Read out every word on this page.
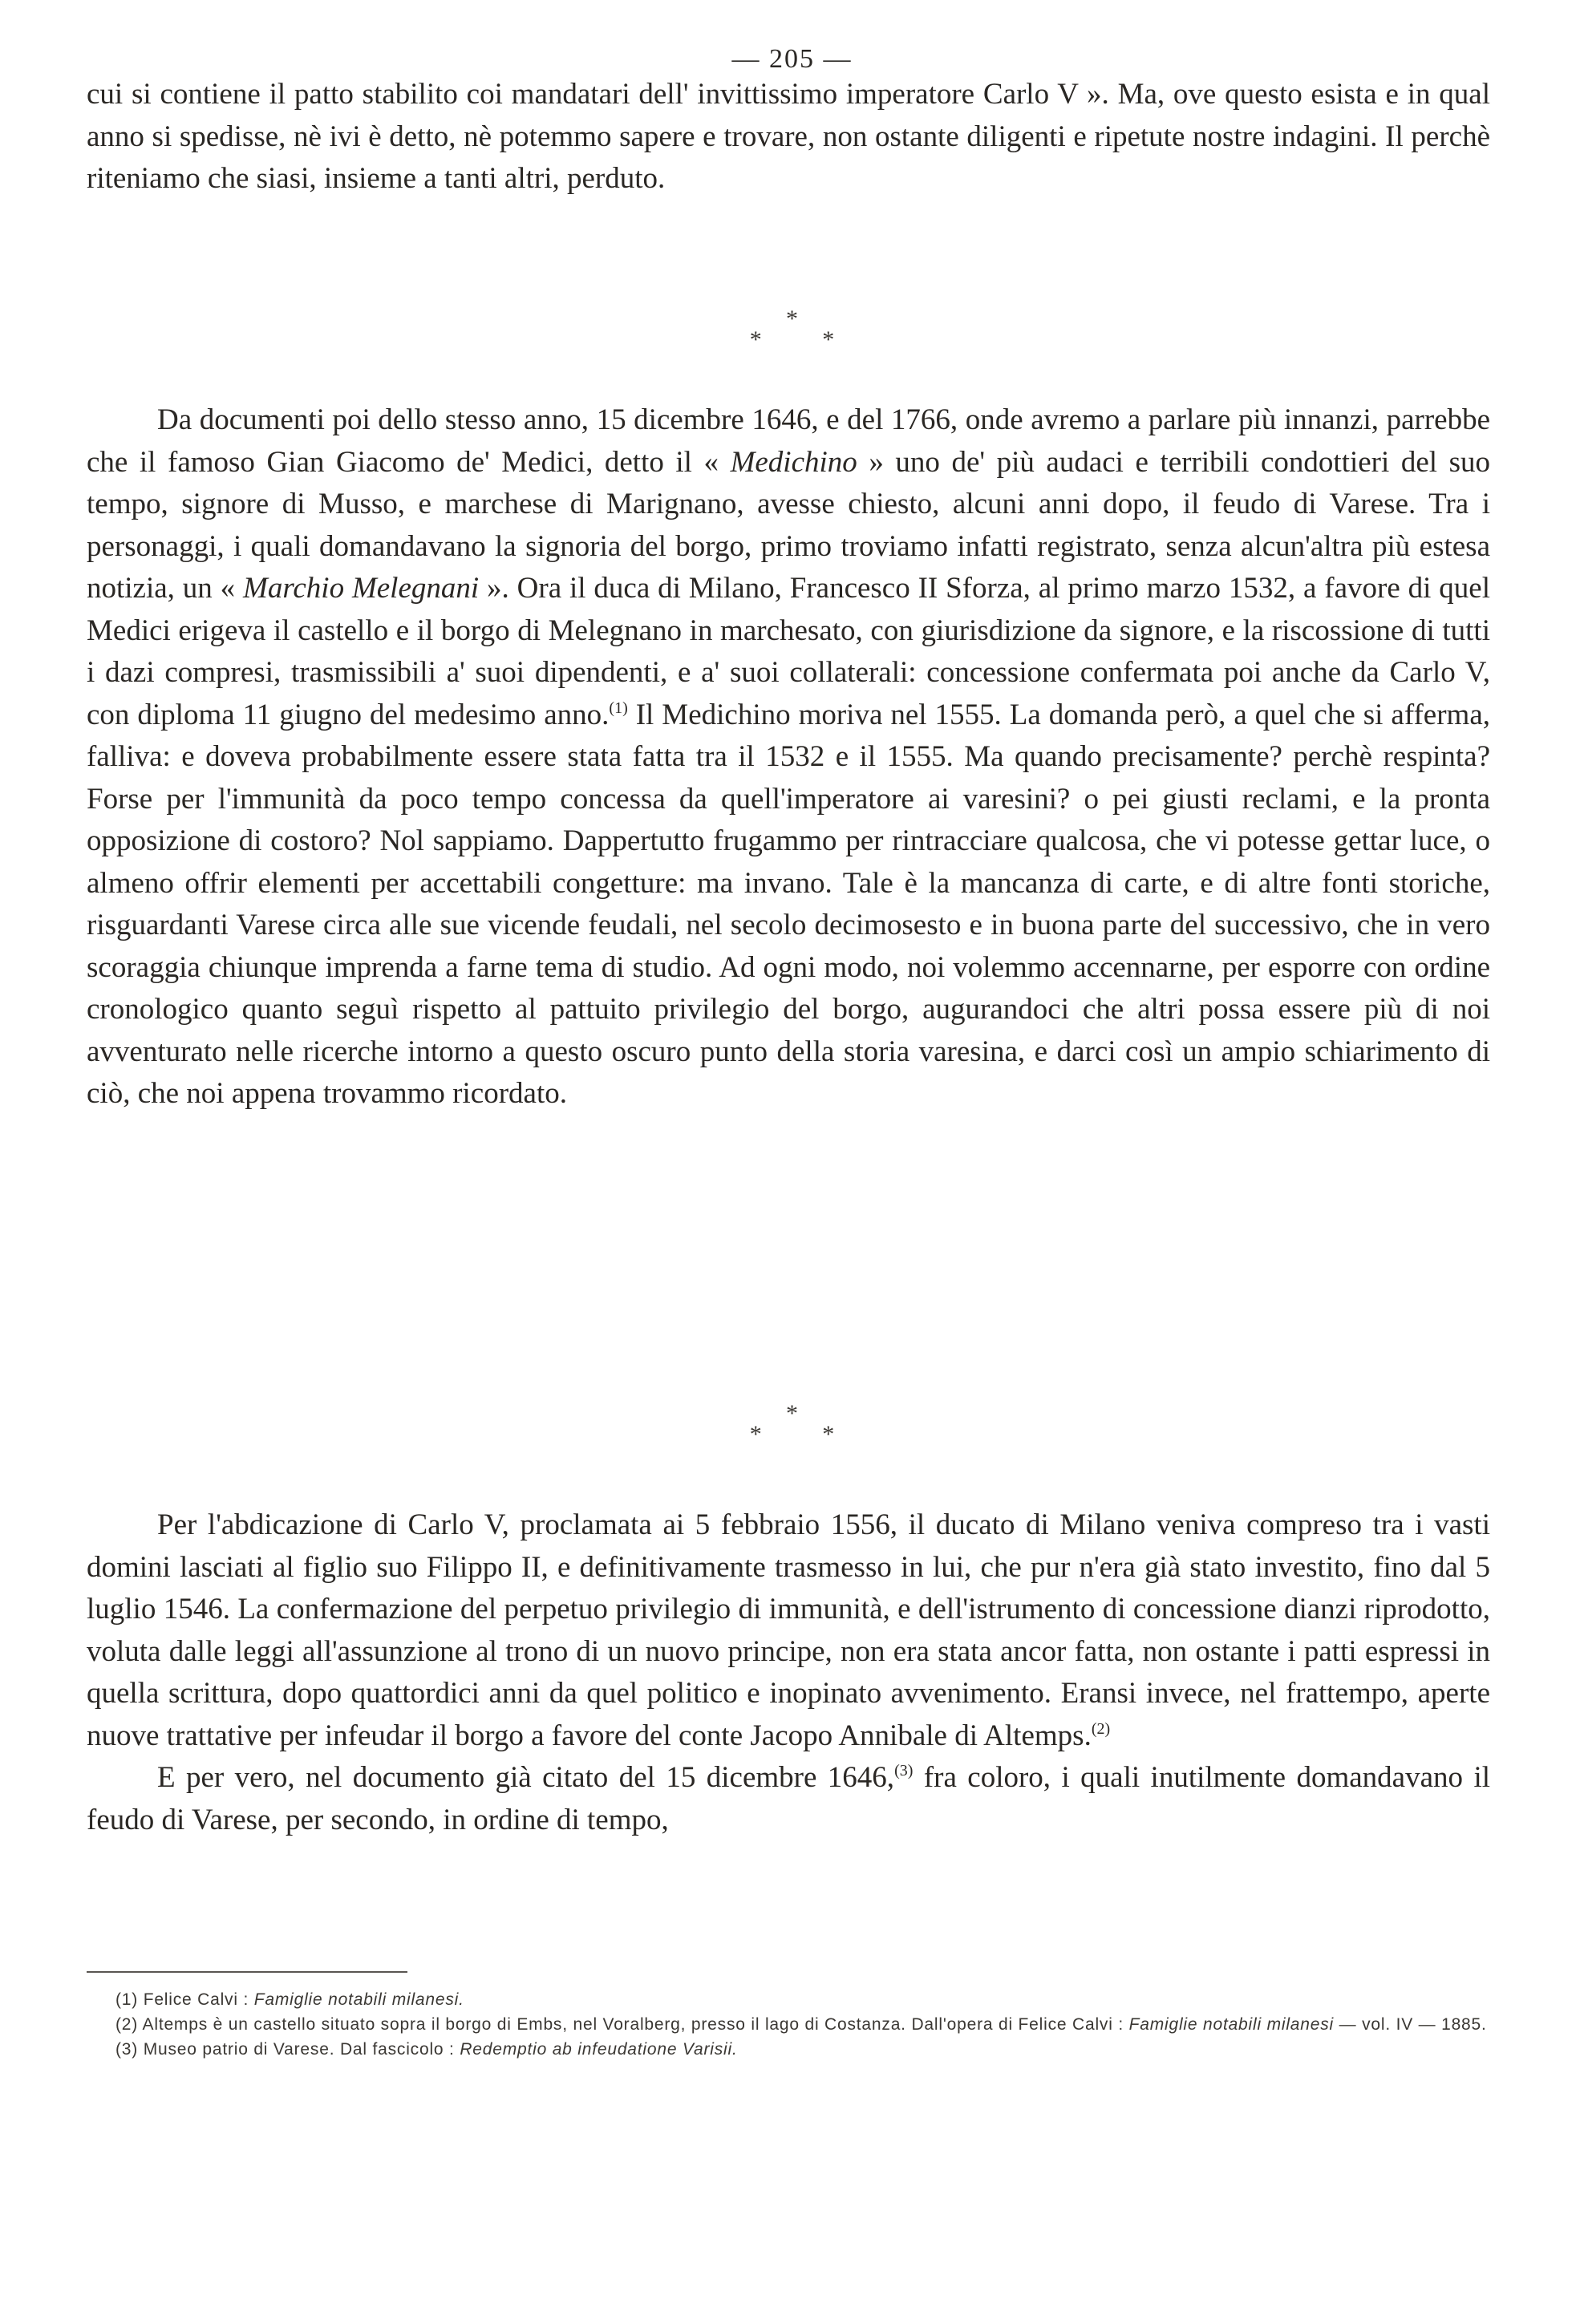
— 205 —

cui si contiene il patto stabilito coi mandatari dell' invittissimo imperatore Carlo V ». Ma, ove questo esista e in qual anno si spedisse, nè ivi è detto, nè potemmo sapere e trovare, non ostante diligenti e ripetute nostre indagini. Il perchè riteniamo che siasi, insieme a tanti altri, perduto.

*
* *

Da documenti poi dello stesso anno, 15 dicembre 1646, e del 1766, onde avremo a parlare più innanzi, parrebbe che il famoso Gian Giacomo de' Medici, detto il « Medichino » uno de' più audaci e terribili condottieri del suo tempo, signore di Musso, e marchese di Marignano, avesse chiesto, alcuni anni dopo, il feudo di Varese. Tra i personaggi, i quali domandavano la signoria del borgo, primo troviamo infatti registrato, senza alcun'altra più estesa notizia, un « Marchio Melegnani ». Ora il duca di Milano, Francesco II Sforza, al primo marzo 1532, a favore di quel Medici erigeva il castello e il borgo di Melegnano in marchesato, con giurisdizione da signore, e la riscossione di tutti i dazi compresi, trasmissibili a' suoi dipendenti, e a' suoi collaterali: concessione confermata poi anche da Carlo V, con diploma 11 giugno del medesimo anno.$^{(1)}$ Il Medichino moriva nel 1555. La domanda però, a quel che si afferma, falliva: e doveva probabilmente essere stata fatta tra il 1532 e il 1555. Ma quando precisamente? perchè respinta? Forse per l'immunità da poco tempo concessa da quell'imperatore ai varesini? o pei giusti reclami, e la pronta opposizione di costoro? Nol sappiamo. Dappertutto frugammo per rintracciare qualcosa, che vi potesse gettar luce, o almeno offrir elementi per accettabili congetture: ma invano. Tale è la mancanza di carte, e di altre fonti storiche, risguardanti Varese circa alle sue vicende feudali, nel secolo decimosesto e in buona parte del successivo, che in vero scoraggia chiunque imprenda a farne tema di studio. Ad ogni modo, noi volemmo accennarne, per esporre con ordine cronologico quanto seguì rispetto al pattuito privilegio del borgo, augurandoci che altri possa essere più di noi avventurato nelle ricerche intorno a questo oscuro punto della storia varesina, e darci così un ampio schiarimento di ciò, che noi appena trovammo ricordato.

*
* *

Per l'abdicazione di Carlo V, proclamata ai 5 febbraio 1556, il ducato di Milano veniva compreso tra i vasti domini lasciati al figlio suo Filippo II, e definitivamente trasmesso in lui, che pur n'era già stato investito, fino dal 5 luglio 1546. La confermazione del perpetuo privilegio di immunità, e dell'istrumento di concessione dianzi riprodotto, voluta dalle leggi all'assunzione al trono di un nuovo principe, non era stata ancor fatta, non ostante i patti espressi in quella scrittura, dopo quattordici anni da quel politico e inopinato avvenimento. Eransi invece, nel frattempo, aperte nuove trattative per infeudar il borgo a favore del conte Jacopo Annibale di Altemps.$^{(2)}$

E per vero, nel documento già citato del 15 dicembre 1646,$^{(3)}$ fra coloro, i quali inutilmente domandavano il feudo di Varese, per secondo, in ordine di tempo,

(1) Felice Calvi : Famiglie notabili milanesi.

(2) Altemps è un castello situato sopra il borgo di Embs, nel Voralberg, presso il lago di Costanza. Dall'opera di Felice Calvi : Famiglie notabili milanesi — vol. IV — 1885.

(3) Museo patrio di Varese. Dal fascicolo : Redemptio ab infeudatione Varisii.
